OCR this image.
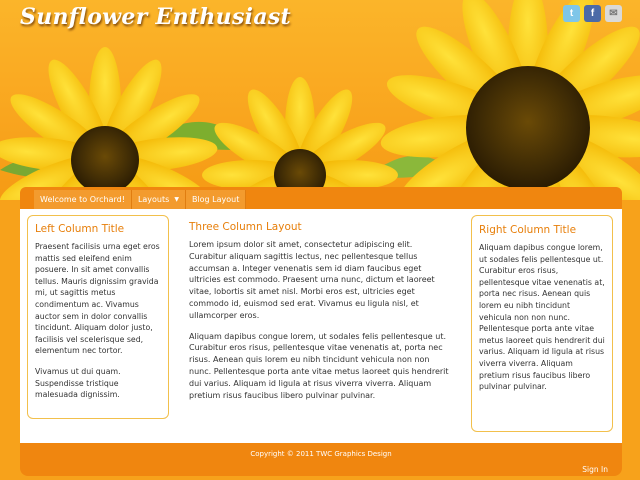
Sunflower Enthusiast	t	f	✉
Welcome to Orchard! Layouts ▼ Blog Layout
Left Column Title

Praesent facilisis urna eget eros mattis sed eleifend enim posuere. In sit amet convallis tellus. Mauris dignissim gravida mi, ut sagittis metus condimentum ac. Vivamus auctor sem in dolor convallis tincidunt. Aliquam dolor justo, facilisis vel scelerisque sed, elementum nec tortor.

Vivamus ut dui quam. Suspendisse tristique malesuada dignissim.

Three Column Layout

Lorem ipsum dolor sit amet, consectetur adipiscing elit. Curabitur aliquam sagittis lectus, nec pellentesque tellus accumsan a. Integer venenatis sem id diam faucibus eget ultricies est commodo. Praesent urna nunc, dictum et laoreet vitae, lobortis sit amet nisl. Morbi eros est, ultricies eget commodo id, euismod sed erat. Vivamus eu ligula nisl, et ullamcorper eros.

Aliquam dapibus congue lorem, ut sodales felis pellentesque ut. Curabitur eros risus, pellentesque vitae venenatis at, porta nec risus. Aenean quis lorem eu nibh tincidunt vehicula non non nunc. Pellentesque porta ante vitae metus laoreet quis hendrerit dui varius. Aliquam id ligula at risus viverra viverra. Aliquam pretium risus faucibus libero pulvinar pulvinar.

Right Column Title

Aliquam dapibus congue lorem, ut sodales felis pellentesque ut. Curabitur eros risus, pellentesque vitae venenatis at, porta nec risus. Aenean quis lorem eu nibh tincidunt vehicula non non nunc. Pellentesque porta ante vitae metus laoreet quis hendrerit dui varius. Aliquam id ligula at risus viverra viverra. Aliquam pretium risus faucibus libero pulvinar pulvinar.

Copyright © 2011 TWC Graphics Design
Sign In
